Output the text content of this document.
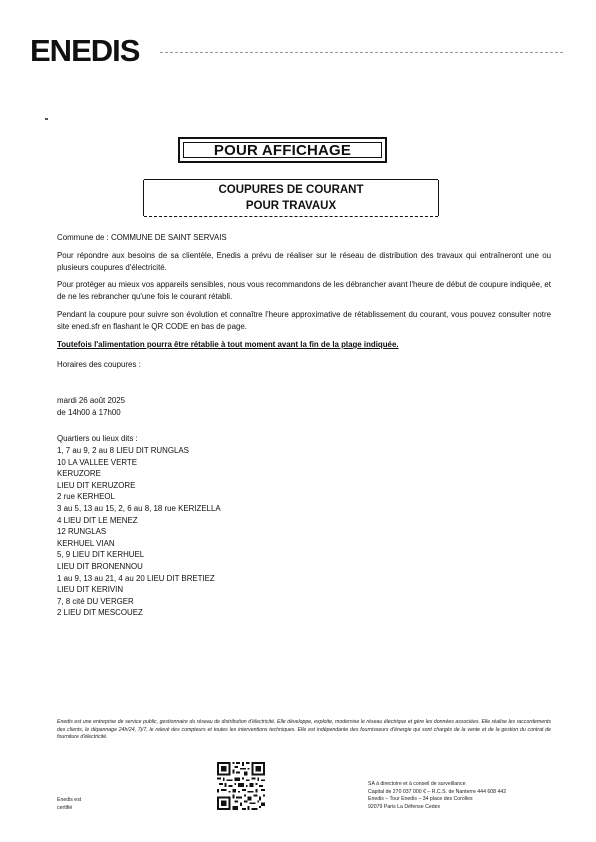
ENEDIS
POUR AFFICHAGE
COUPURES DE COURANT
POUR TRAVAUX
Commune de : COMMUNE DE SAINT SERVAIS
Pour répondre aux besoins de sa clientèle, Enedis a prévu de réaliser sur le réseau de distribution des travaux qui entraîneront une ou plusieurs coupures d'électricité.
Pour protéger au mieux vos appareils sensibles, nous vous recommandons de les débrancher avant l'heure de début de coupure indiquée, et de ne les rebrancher qu'une fois le courant rétabli.
Pendant la coupure pour suivre son évolution et connaître l'heure approximative de rétablissement du courant, vous pouvez consulter notre site ened.sfr en flashant le QR CODE en bas de page.
Toutefois l'alimentation pourra être rétablie à tout moment avant la fin de la plage indiquée.
Horaires des coupures :
mardi 26 août 2025
de 14h00 à 17h00
Quartiers ou lieux dits :
1, 7 au 9, 2 au 8 LIEU DIT RUNGLAS
10 LA VALLEE VERTE
KERUZORE
LIEU DIT KERUZORE
2 rue KERHEOL
3 au 5, 13 au 15, 2, 6 au 8, 18 rue KERIZELLA
4 LIEU DIT LE MENEZ
12 RUNGLAS
KERHUEL VIAN
5, 9 LIEU DIT KERHUEL
LIEU DIT BRONENNOU
1 au 9, 13 au 21, 4 au 20 LIEU DIT BRETIEZ
LIEU DIT KERIVIN
7, 8 cité DU VERGER
2 LIEU DIT MESCOUEZ
Enedis est une entreprise de service public, gestionnaire du réseau de distribution d'électricité. Elle développe, exploite, modernise le réseau électrique et gère les données associées. Elle réalise les raccordements des clients, le dépannage 24h/24, 7j/7, le relevé des compteurs et toutes les interventions techniques. Elle est indépendante des fournisseurs d'énergie qui sont chargés de la vente et de la gestion du contrat de fourniture d'électricité.
Enedis est
certifié
SA à directoire et à conseil de surveillance
Capital de 270 037 000 € – R.C.S. de Nanterre 444 608 442
Enedis – Tour Enedis – 34 place des Corolles
92079 Paris La Défense Cedex
